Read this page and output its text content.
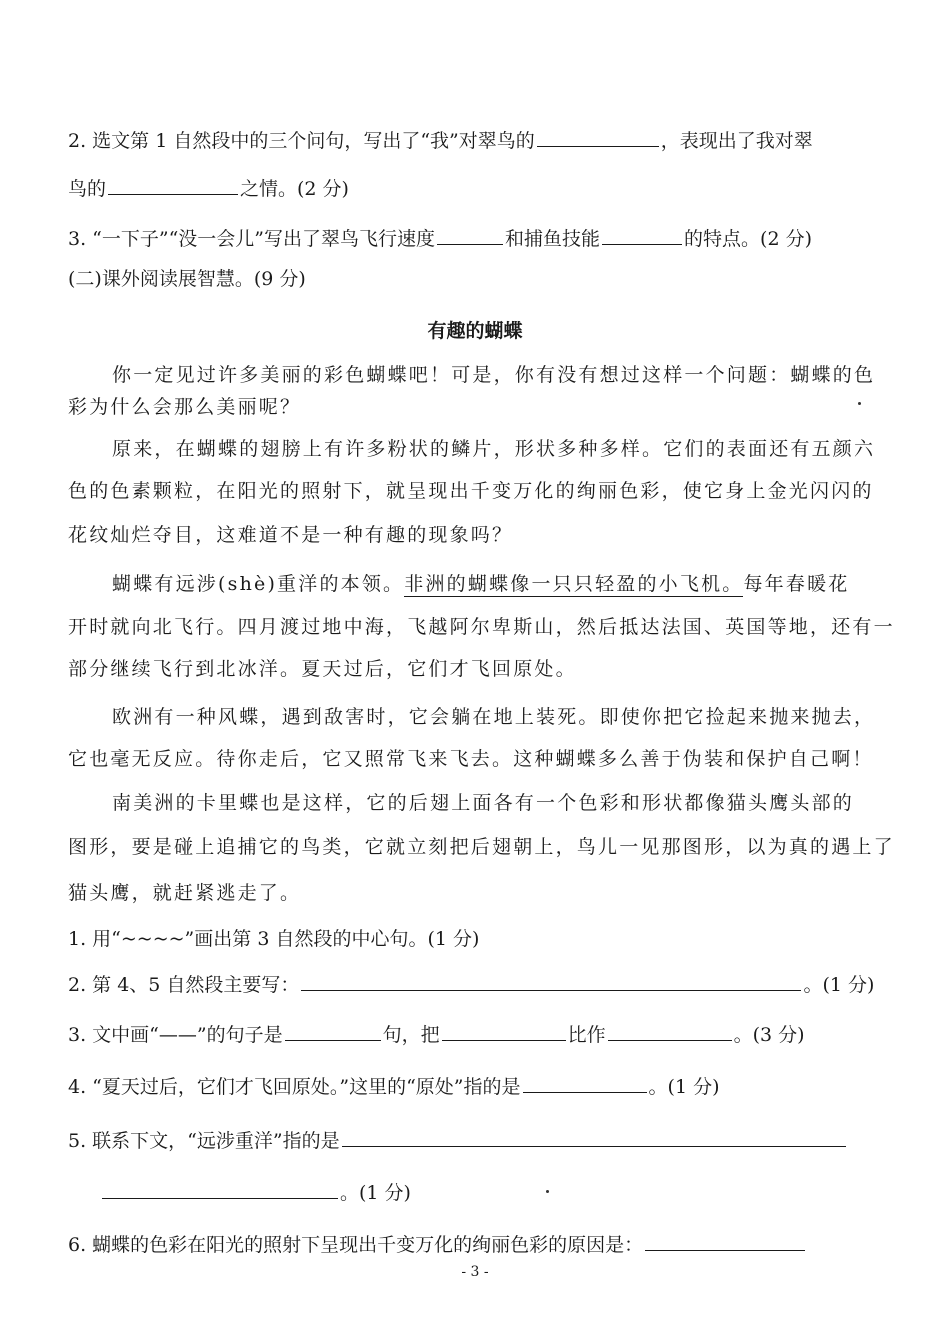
2. 选文第 1 自然段中的三个问句，写出了“我”对翠鸟的	，表现出了我对翠
鸟的	之情。(2 分)
3. “一下子”“没一会儿”写出了翠鸟飞行速度	和捕鱼技能	的特点。(2 分)
(二)课外阅读展智慧。(9 分)
有趣的蝴蝶
你一定见过许多美丽的彩色蝴蝶吧！可是，你有没有想过这样一个问题：蝴蝶的色
彩为什么会那么美丽呢？
原来，在蝴蝶的翅膀上有许多粉状的鳞片，形状多种多样。它们的表面还有五颜六
色的色素颗粒，在阳光的照射下，就呈现出千变万化的绚丽色彩，使它身上金光闪闪的
花纹灿烂夺目，这难道不是一种有趣的现象吗？
蝴蝶有远涉(shè)重洋的本领。非洲的蝴蝶像一只只轻盈的小飞机。每年春暖花
开时就向北飞行。四月渡过地中海，飞越阿尔卑斯山，然后抵达法国、英国等地，还有一
部分继续飞行到北冰洋。夏天过后，它们才飞回原处。
欧洲有一种风蝶，遇到敌害时，它会躺在地上装死。即使你把它捡起来抛来抛去，
它也毫无反应。待你走后，它又照常飞来飞去。这种蝴蝶多么善于伪装和保护自己啊！
南美洲的卡里蝶也是这样，它的后翅上面各有一个色彩和形状都像猫头鹰头部的
图形，要是碰上追捕它的鸟类，它就立刻把后翅朝上，鸟儿一见那图形，以为真的遇上了
猫头鹰，就赶紧逃走了。
1. 用“~~~~”画出第 3 自然段的中心句。(1 分)
2. 第 4、5 自然段主要写：	。(1 分)
3. 文中画“——”的句子是	句，把	比作	。(3 分)
4. “夏天过后，它们才飞回原处。”这里的“原处”指的是	。(1 分)
5. 联系下文，“远涉重洋”指的是
。(1 分)
6. 蝴蝶的色彩在阳光的照射下呈现出千变万化的绚丽色彩的原因是：
- 3 -
